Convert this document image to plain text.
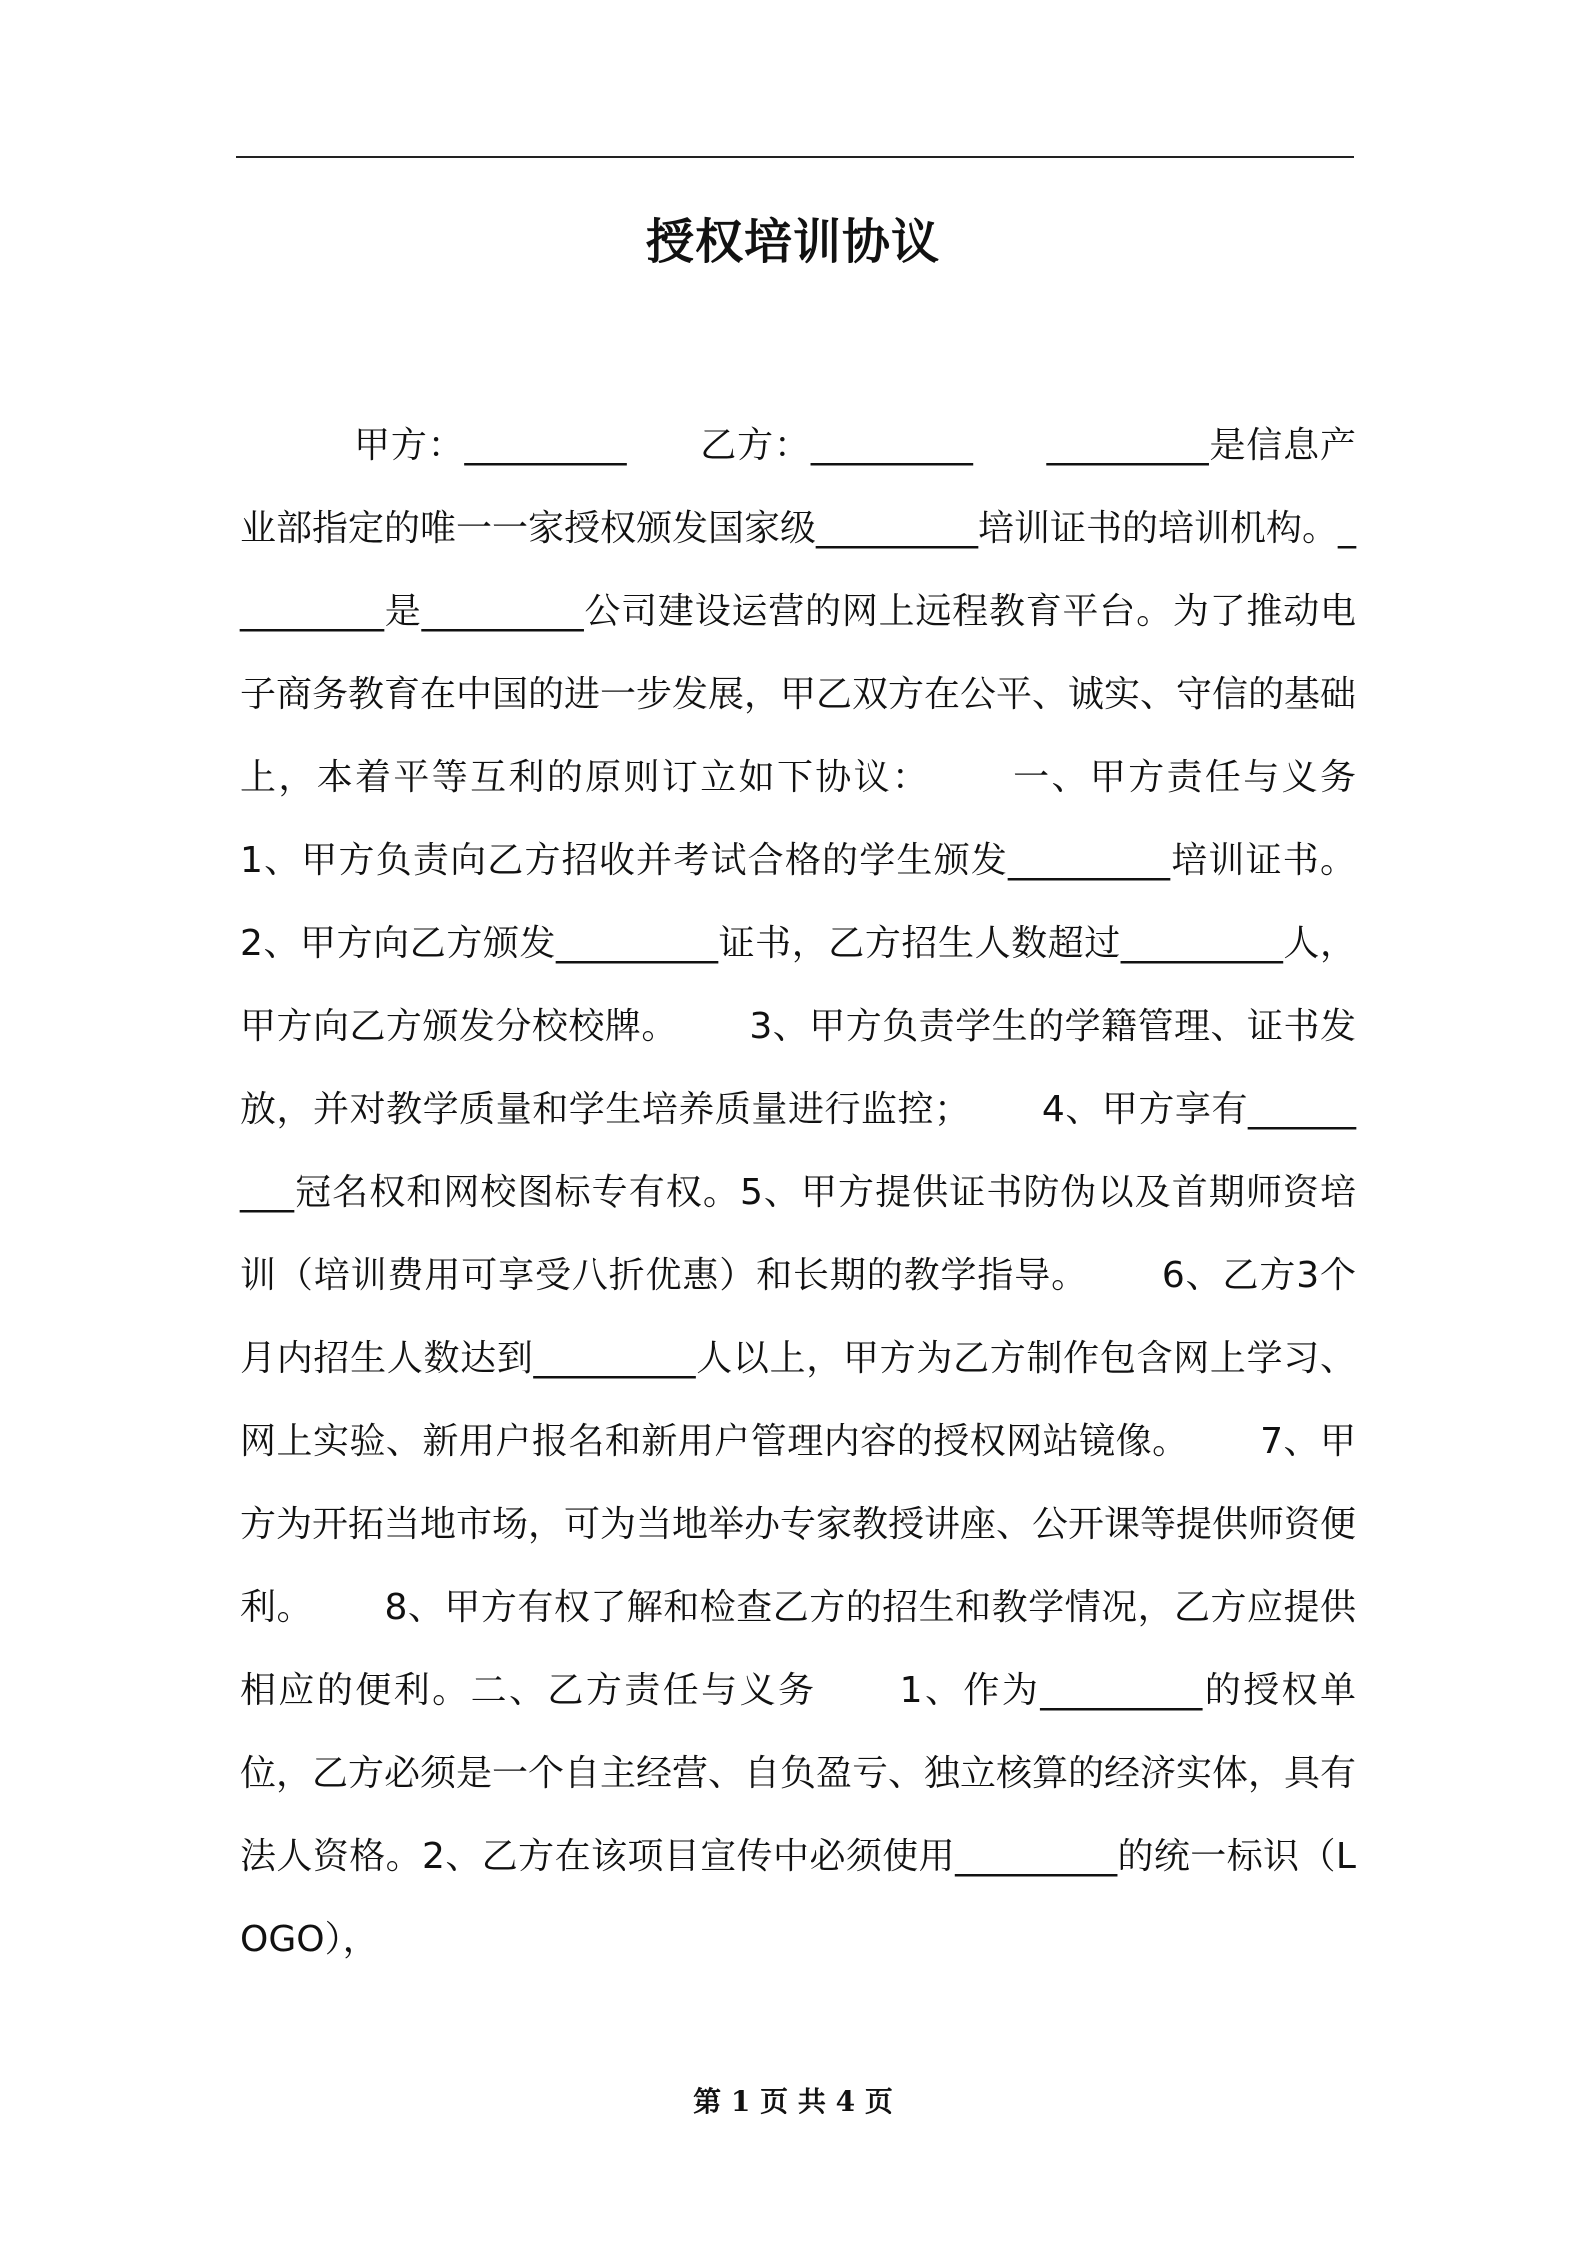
授权培训协议

甲方：_________      乙方：_________      _________是信息产业部指定的唯一一家授权颁发国家级_________培训证书的培训机构。_________是_________公司建设运营的网上远程教育平台。为了推动电子商务教育在中国的进一步发展，甲乙双方在公平、诚实、守信的基础上，本着平等互利的原则订立如下协议：      一、甲方责任与义务      1、甲方负责向乙方招收并考试合格的学生颁发_________培训证书。      2、甲方向乙方颁发_________证书，乙方招生人数超过_________人，甲方向乙方颁发分校校牌。      3、甲方负责学生的学籍管理、证书发放，并对教学质量和学生培养质量进行监控；      4、甲方享有_________冠名权和网校图标专有权。5、甲方提供证书防伪以及首期师资培训（培训费用可享受八折优惠）和长期的教学指导。      6、乙方3个月内招生人数达到_________人以上，甲方为乙方制作包含网上学习、网上实验、新用户报名和新用户管理内容的授权网站镜像。      7、甲方为开拓当地市场，可为当地举办专家教授讲座、公开课等提供师资便利。      8、甲方有权了解和检查乙方的招生和教学情况，乙方应提供相应的便利。二、乙方责任与义务      1、作为_________的授权单位，乙方必须是一个自主经营、自负盈亏、独立核算的经济实体，具有法人资格。2、乙方在该项目宣传中必须使用_________的统一标识（LOGO），

第 1 页 共 4 页
